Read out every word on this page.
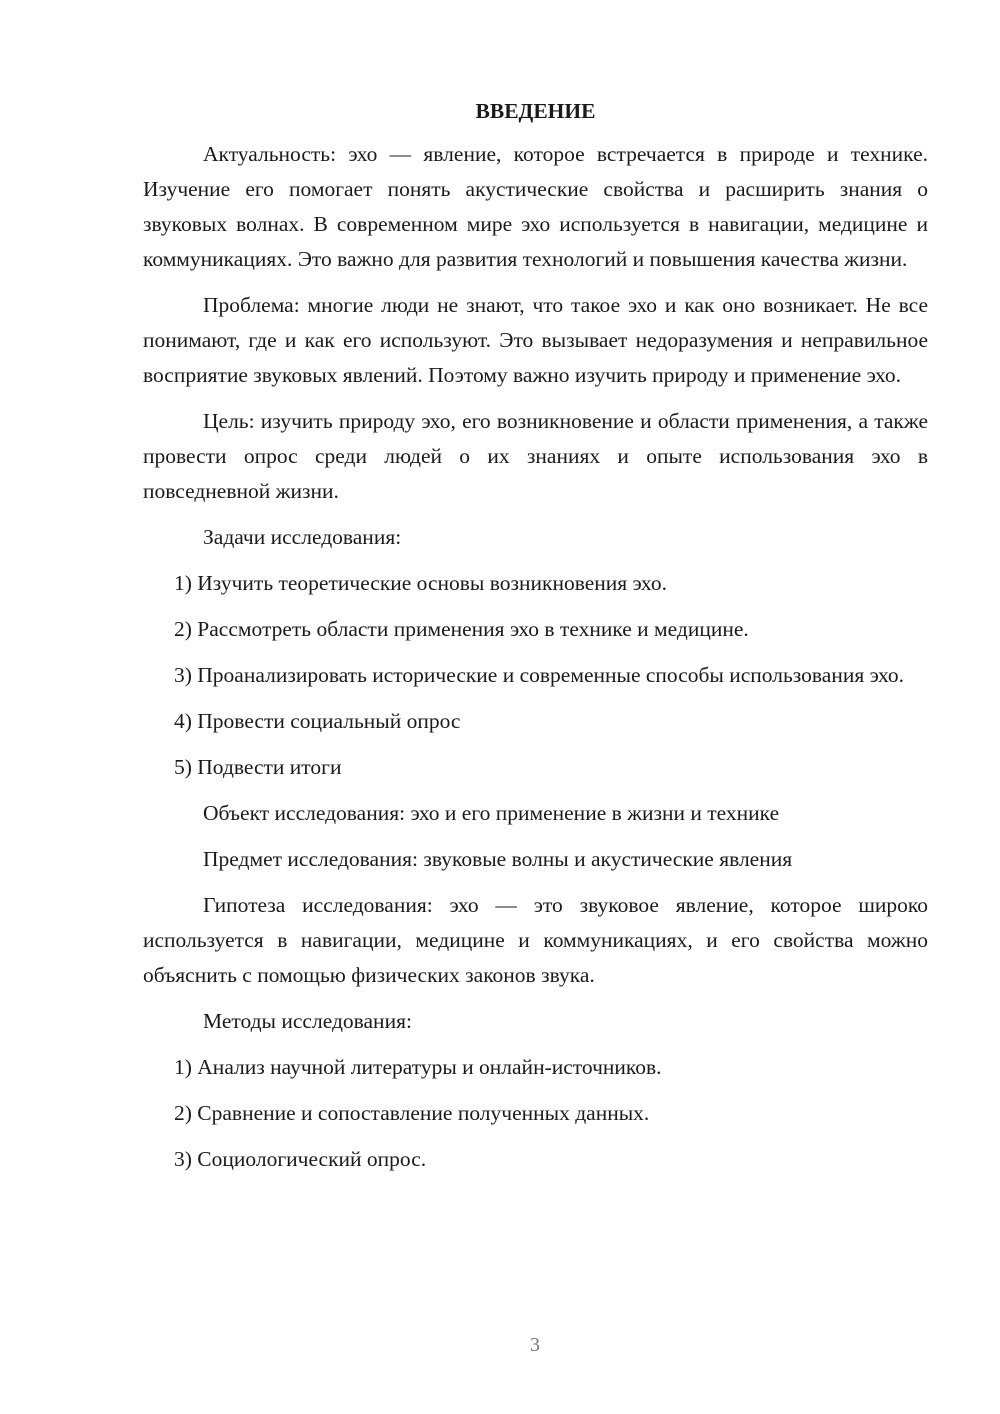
ВВЕДЕНИЕ
Актуальность: эхо — явление, которое встречается в природе и технике. Изучение его помогает понять акустические свойства и расширить знания о звуковых волнах. В современном мире эхо используется в навигации, медицине и коммуникациях. Это важно для развития технологий и повышения качества жизни.
Проблема: многие люди не знают, что такое эхо и как оно возникает. Не все понимают, где и как его используют. Это вызывает недоразумения и неправильное восприятие звуковых явлений. Поэтому важно изучить природу и применение эхо.
Цель: изучить природу эхо, его возникновение и области применения, а также провести опрос среди людей о их знаниях и опыте использования эхо в повседневной жизни.
Задачи исследования:
1) Изучить теоретические основы возникновения эхо.
2) Рассмотреть области применения эхо в технике и медицине.
3) Проанализировать исторические и современные способы использования эхо.
4) Провести социальный опрос
5) Подвести итоги
Объект исследования: эхо и его применение в жизни и технике
Предмет исследования: звуковые волны и акустические явления
Гипотеза исследования: эхо — это звуковое явление, которое широко используется в навигации, медицине и коммуникациях, и его свойства можно объяснить с помощью физических законов звука.
Методы исследования:
1) Анализ научной литературы и онлайн-источников.
2) Сравнение и сопоставление полученных данных.
3) Социологический опрос.
3
